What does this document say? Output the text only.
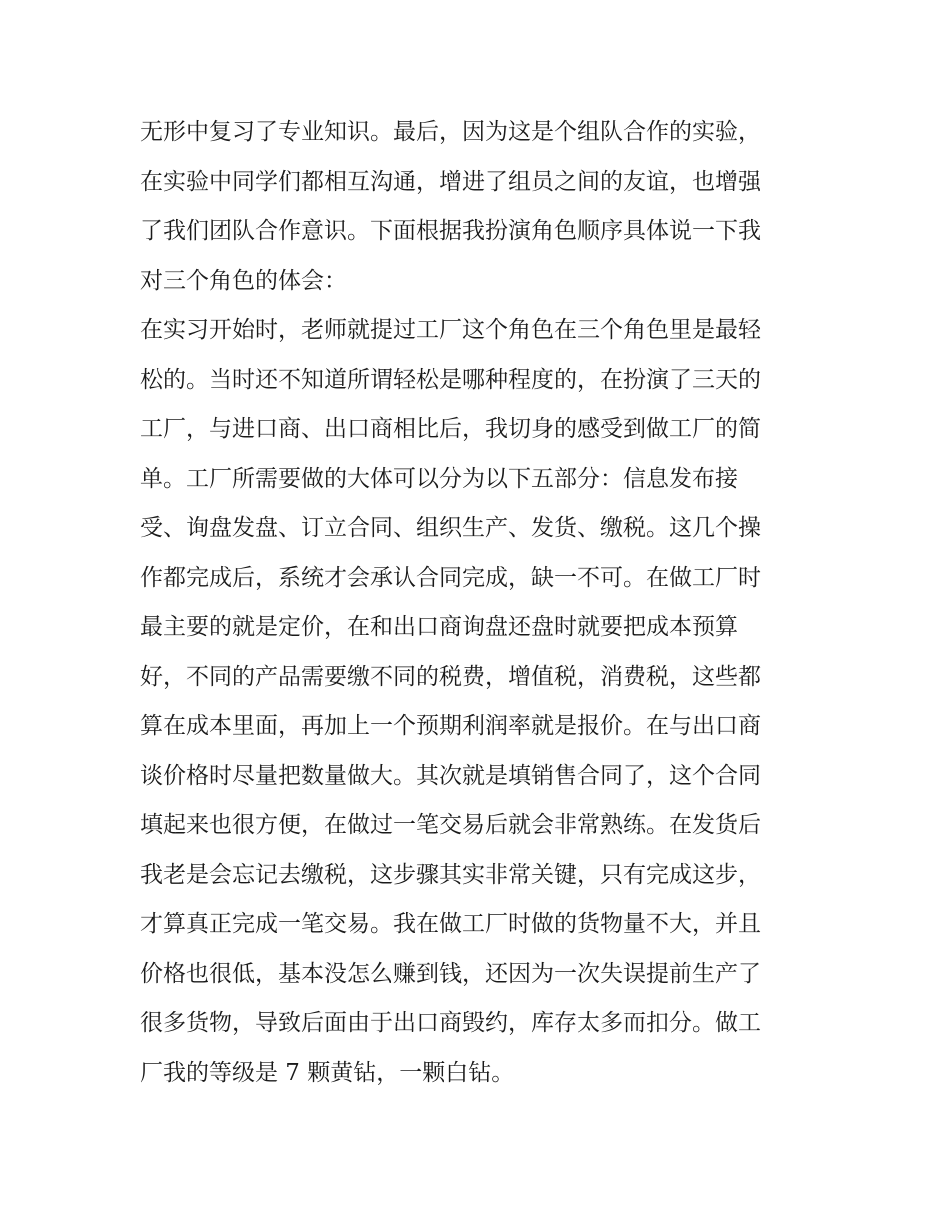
无形中复习了专业知识。最后，因为这是个组队合作的实验，
在实验中同学们都相互沟通，增进了组员之间的友谊，也增强
了我们团队合作意识。下面根据我扮演角色顺序具体说一下我
对三个角色的体会：
在实习开始时，老师就提过工厂这个角色在三个角色里是最轻
松的。当时还不知道所谓轻松是哪种程度的，在扮演了三天的
工厂，与进口商、出口商相比后，我切身的感受到做工厂的简
单。工厂所需要做的大体可以分为以下五部分：信息发布接
受、询盘发盘、订立合同、组织生产、发货、缴税。这几个操
作都完成后，系统才会承认合同完成，缺一不可。在做工厂时
最主要的就是定价，在和出口商询盘还盘时就要把成本预算
好，不同的产品需要缴不同的税费，增值税，消费税，这些都
算在成本里面，再加上一个预期利润率就是报价。在与出口商
谈价格时尽量把数量做大。其次就是填销售合同了，这个合同
填起来也很方便，在做过一笔交易后就会非常熟练。在发货后
我老是会忘记去缴税，这步骤其实非常关键，只有完成这步，
才算真正完成一笔交易。我在做工厂时做的货物量不大，并且
价格也很低，基本没怎么赚到钱，还因为一次失误提前生产了
很多货物，导致后面由于出口商毁约，库存太多而扣分。做工
厂我的等级是 7 颗黄钻，一颗白钻。
